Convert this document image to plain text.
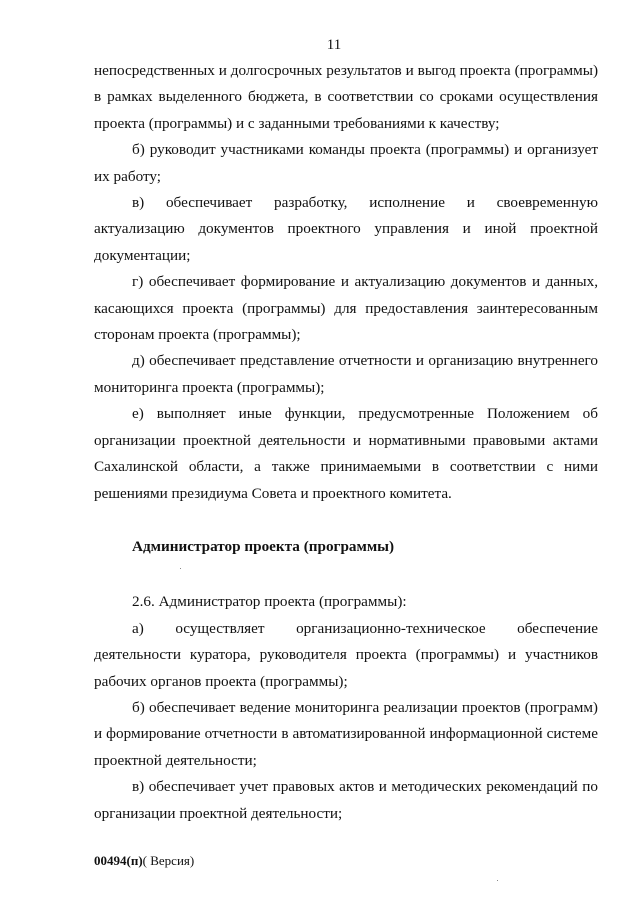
11

непосредственных и долгосрочных результатов и выгод проекта (программы) в рамках выделенного бюджета, в соответствии со сроками осуществления проекта (программы) и с заданными требованиями к качеству;

б) руководит участниками команды проекта (программы) и организует их работу;

в) обеспечивает разработку, исполнение и своевременную актуализацию документов проектного управления и иной проектной документации;

г) обеспечивает формирование и актуализацию документов и данных, касающихся проекта (программы) для предоставления заинтересованным сторонам проекта (программы);

д) обеспечивает представление отчетности и организацию внутреннего мониторинга проекта (программы);

е) выполняет иные функции, предусмотренные Положением об организации проектной деятельности и нормативными правовыми актами Сахалинской области, а также принимаемыми в соответствии с ними решениями президиума Совета и проектного комитета.

Администратор проекта (программы)

2.6. Администратор проекта (программы):

а) осуществляет организационно-техническое обеспечение деятельности куратора, руководителя проекта (программы) и участников рабочих органов проекта (программы);

б) обеспечивает ведение мониторинга реализации проектов (программ) и формирование отчетности в автоматизированной информационной системе проектной деятельности;

в) обеспечивает учет правовых актов и методических рекомендаций по организации проектной деятельности;

00494(п)( Версия)
